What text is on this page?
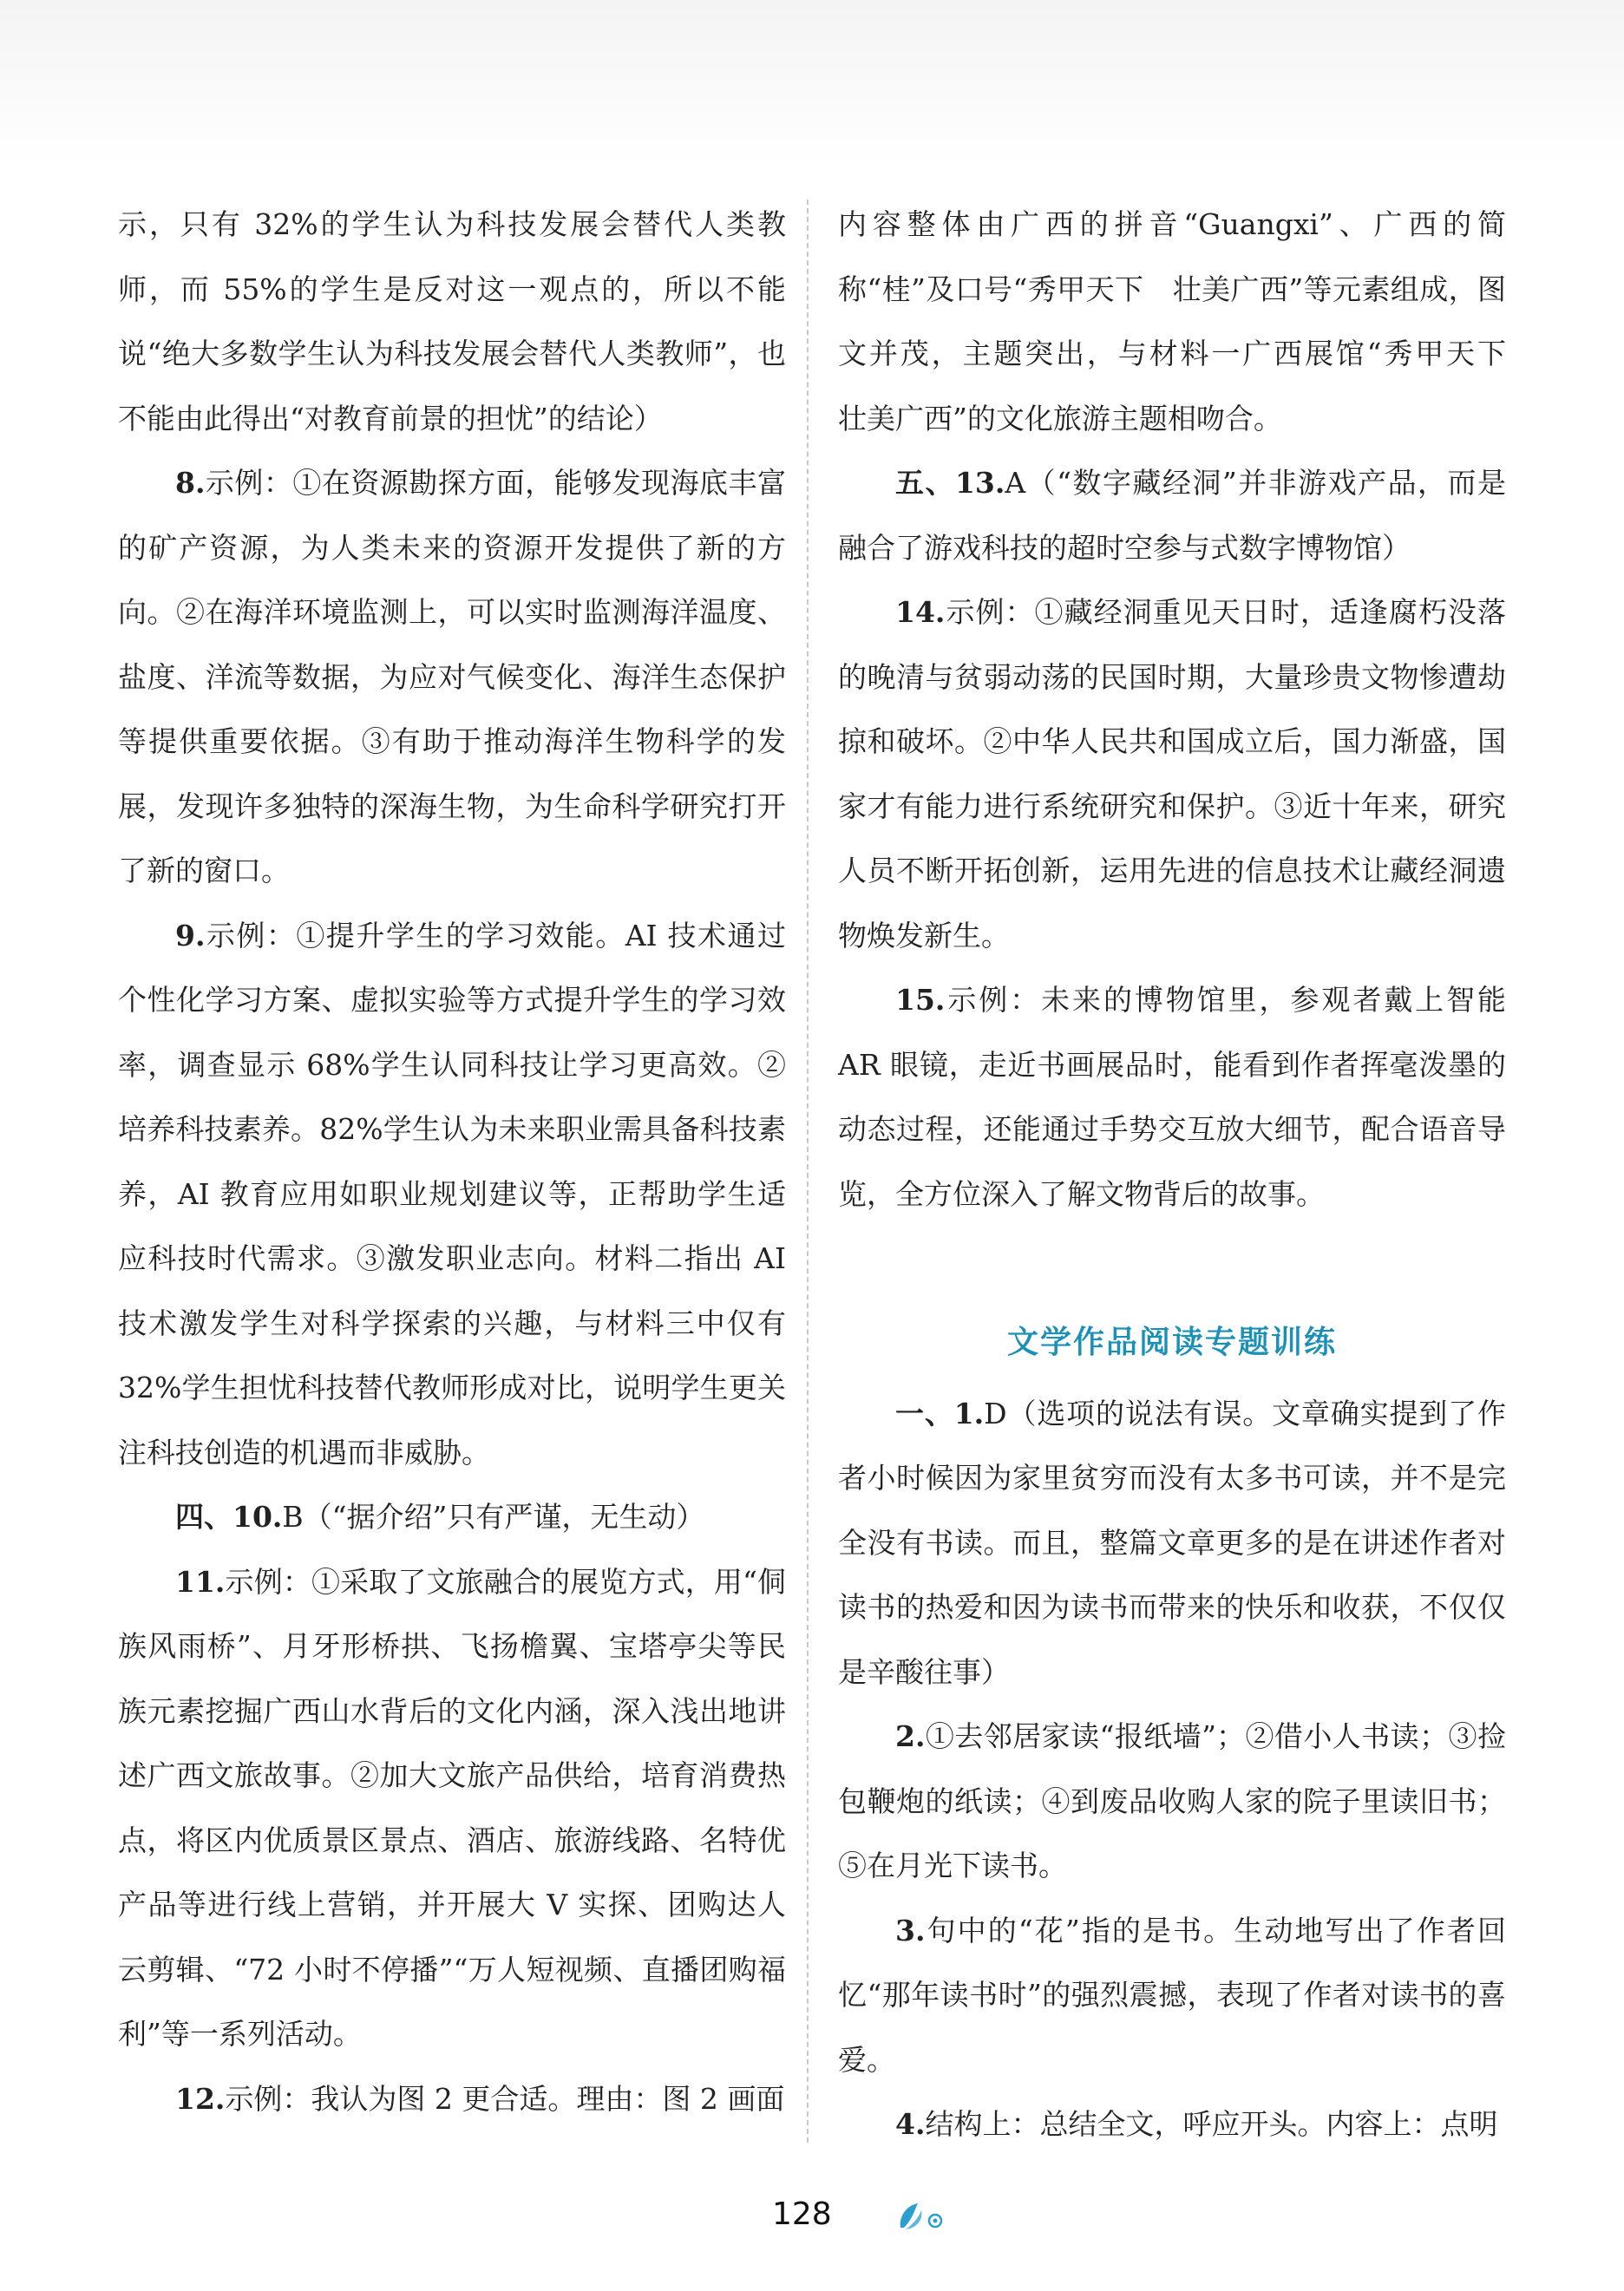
示，只有 32%的学生认为科技发展会替代人类教师，而 55%的学生是反对这一观点的，所以不能说“绝大多数学生认为科技发展会替代人类教师”，也不能由此得出“对教育前景的担忧”的结论）

8.示例：①在资源勘探方面，能够发现海底丰富的矿产资源，为人类未来的资源开发提供了新的方向。②在海洋环境监测上，可以实时监测海洋温度、盐度、洋流等数据，为应对气候变化、海洋生态保护等提供重要依据。③有助于推动海洋生物科学的发展，发现许多独特的深海生物，为生命科学研究打开了新的窗口。

9.示例：①提升学生的学习效能。AI 技术通过个性化学习方案、虚拟实验等方式提升学生的学习效率，调查显示 68%学生认同科技让学习更高效。②培养科技素养。82%学生认为未来职业需具备科技素养，AI 教育应用如职业规划建议等，正帮助学生适应科技时代需求。③激发职业志向。材料二指出 AI 技术激发学生对科学探索的兴趣，与材料三中仅有 32%学生担忧科技替代教师形成对比，说明学生更关注科技创造的机遇而非威胁。

四、10.B（“据介绍”只有严谨，无生动）

11.示例：①采取了文旅融合的展览方式，用“侗族风雨桥”、月牙形桥拱、飞扬檐翼、宝塔亭尖等民族元素挖掘广西山水背后的文化内涵，深入浅出地讲述广西文旅故事。②加大文旅产品供给，培育消费热点，将区内优质景区景点、酒店、旅游线路、名特优产品等进行线上营销，并开展大 V 实探、团购达人云剪辑、“72 小时不停播”“万人短视频、直播团购福利”等一系列活动。

12.示例：我认为图 2 更合适。理由：图 2 画面

内容整体由广西的拼音“Guangxi”、广西的简称“桂”及口号“秀甲天下　壮美广西”等元素组成，图文并茂，主题突出，与材料一广西展馆“秀甲天下　壮美广西”的文化旅游主题相吻合。

五、13.A（“数字藏经洞”并非游戏产品，而是融合了游戏科技的超时空参与式数字博物馆）

14.示例：①藏经洞重见天日时，适逢腐朽没落的晚清与贫弱动荡的民国时期，大量珍贵文物惨遭劫掠和破坏。②中华人民共和国成立后，国力渐盛，国家才有能力进行系统研究和保护。③近十年来，研究人员不断开拓创新，运用先进的信息技术让藏经洞遗物焕发新生。

15.示例：未来的博物馆里，参观者戴上智能 AR 眼镜，走近书画展品时，能看到作者挥毫泼墨的动态过程，还能通过手势交互放大细节，配合语音导览，全方位深入了解文物背后的故事。

文学作品阅读专题训练

一、1.D（选项的说法有误。文章确实提到了作者小时候因为家里贫穷而没有太多书可读，并不是完全没有书读。而且，整篇文章更多的是在讲述作者对读书的热爱和因为读书而带来的快乐和收获，不仅仅是辛酸往事）

2.①去邻居家读“报纸墙”；②借小人书读；③捡包鞭炮的纸读；④到废品收购人家的院子里读旧书；⑤在月光下读书。

3.句中的“花”指的是书。生动地写出了作者回忆“那年读书时”的强烈震撼，表现了作者对读书的喜爱。

4.结构上：总结全文，呼应开头。内容上：点明

128
